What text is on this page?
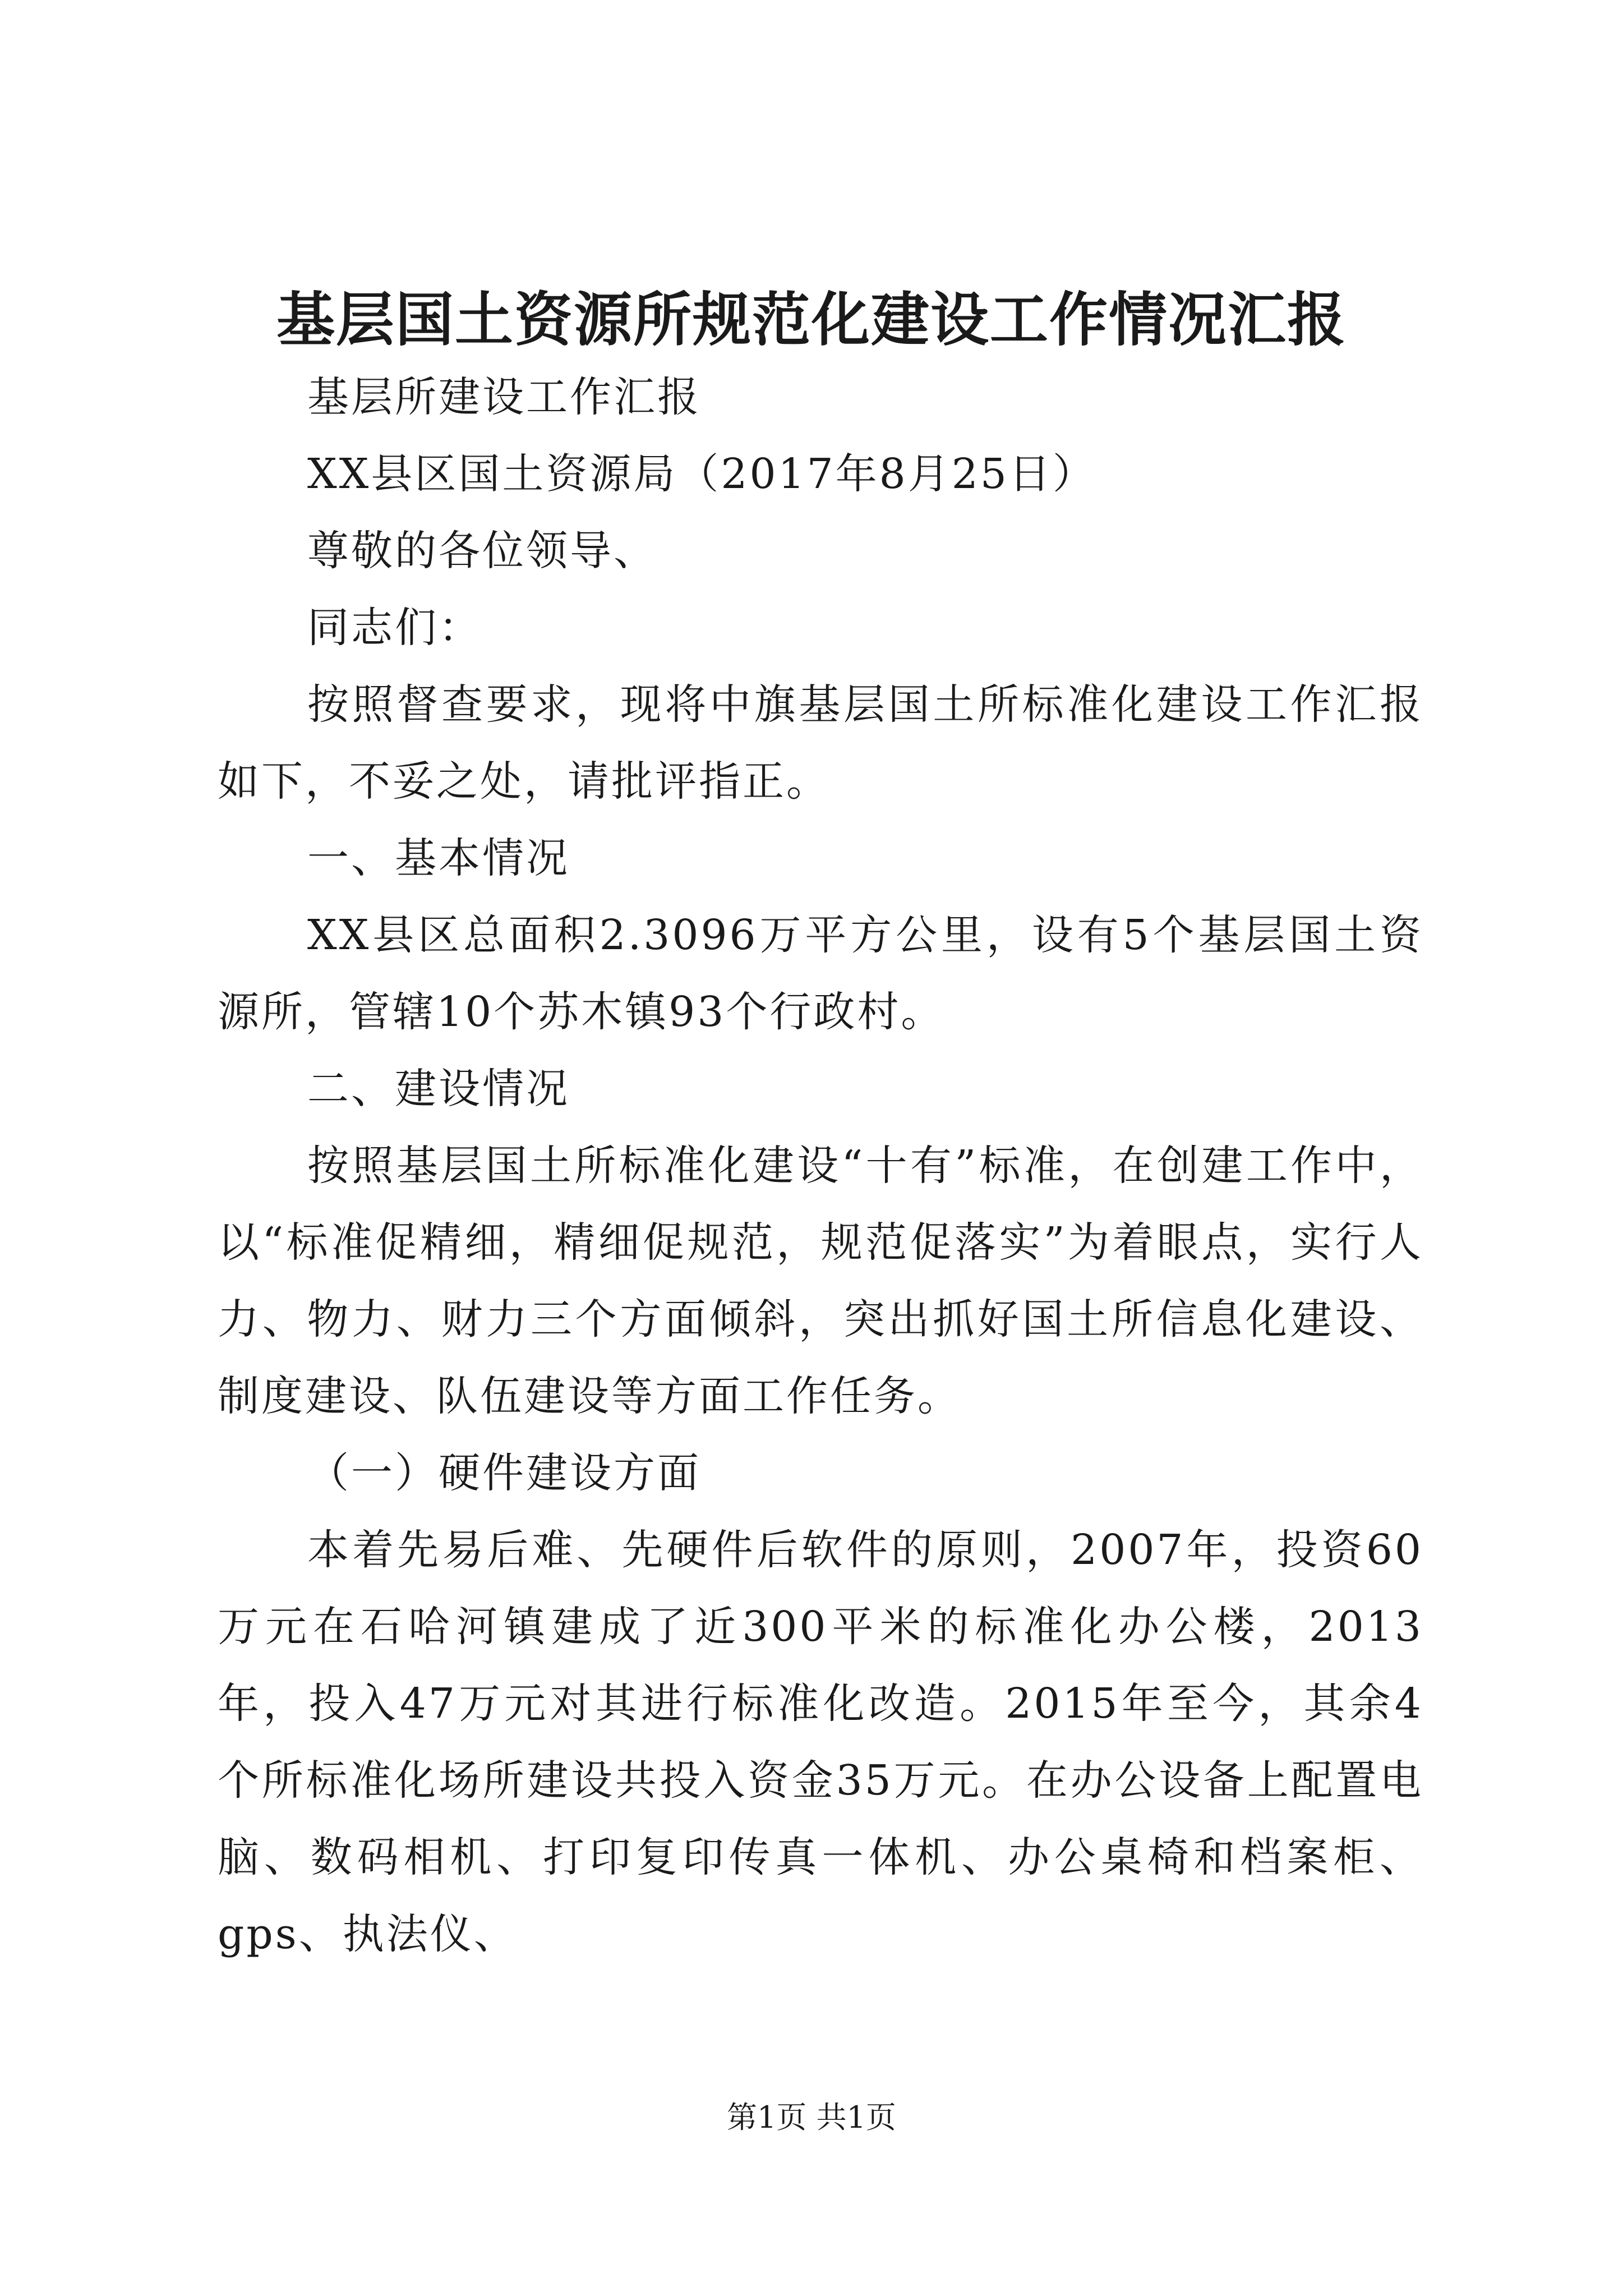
基层国土资源所规范化建设工作情况汇报

基层所建设工作汇报

XX县区国土资源局（2017年8月25日）

尊敬的各位领导、

同志们：

按照督查要求，现将中旗基层国土所标准化建设工作汇报如下，不妥之处，请批评指正。

一、基本情况

XX县区总面积2.3096万平方公里，设有5个基层国土资源所，管辖10个苏木镇93个行政村。

二、建设情况

按照基层国土所标准化建设“十有”标准，在创建工作中，以“标准促精细，精细促规范，规范促落实”为着眼点，实行人力、物力、财力三个方面倾斜，突出抓好国土所信息化建设、制度建设、队伍建设等方面工作任务。

（一）硬件建设方面

本着先易后难、先硬件后软件的原则，2007年，投资60万元在石哈河镇建成了近300平米的标准化办公楼，2013年，投入47万元对其进行标准化改造。2015年至今，其余4个所标准化场所建设共投入资金35万元。在办公设备上配置电脑、数码相机、打印复印传真一体机、办公桌椅和档案柜、gps、执法仪、

第1页 共1页
